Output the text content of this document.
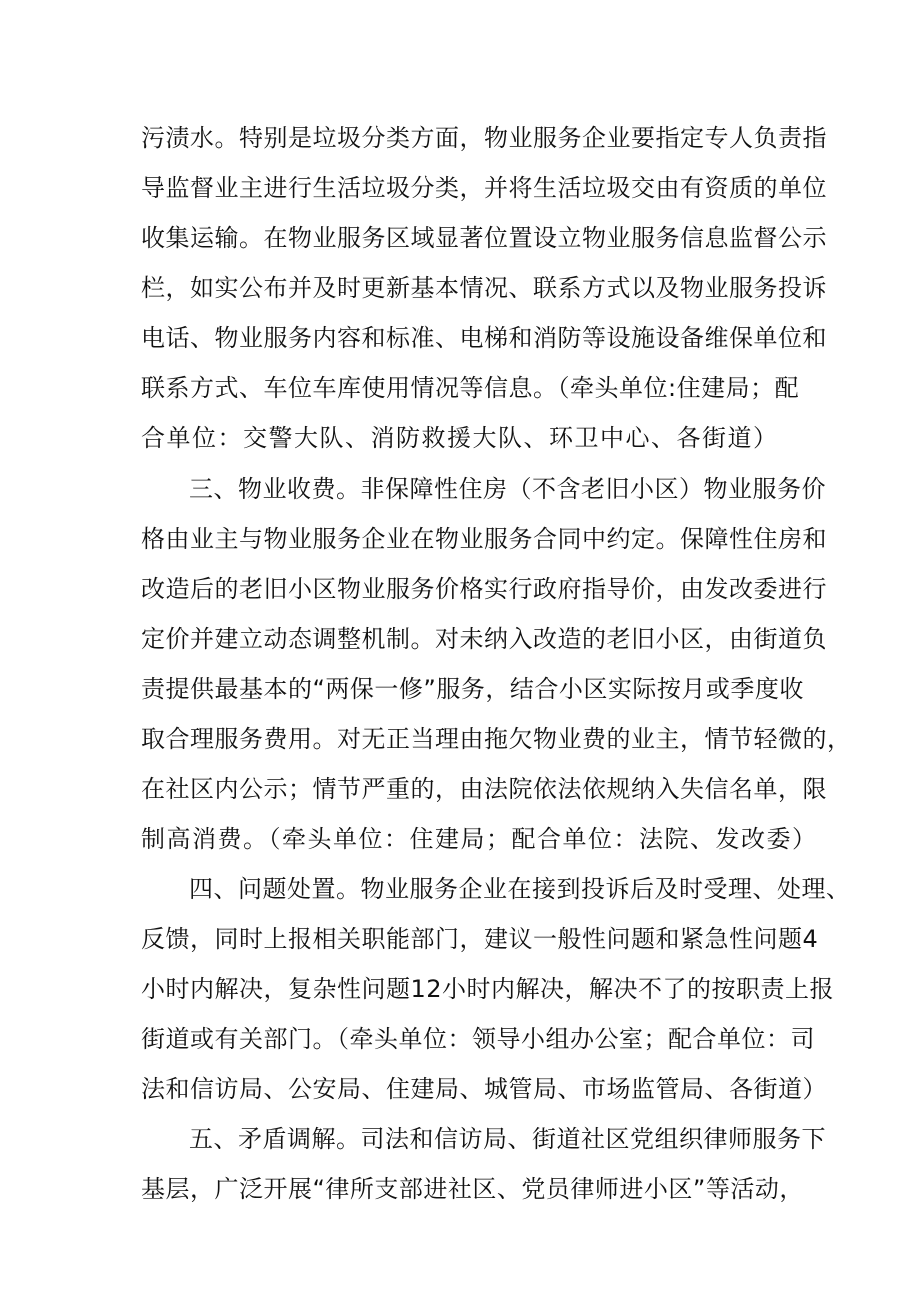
污渍水。特别是垃圾分类方面，物业服务企业要指定专人负责指
导监督业主进行生活垃圾分类，并将生活垃圾交由有资质的单位
收集运输。在物业服务区域显著位置设立物业服务信息监督公示
栏，如实公布并及时更新基本情况、联系方式以及物业服务投诉
电话、物业服务内容和标准、电梯和消防等设施设备维保单位和
联系方式、车位车库使用情况等信息。（牵头单位:住建局；配
合单位：交警大队、消防救援大队、环卫中心、各街道）
三、物业收费。非保障性住房（不含老旧小区）物业服务价
格由业主与物业服务企业在物业服务合同中约定。保障性住房和
改造后的老旧小区物业服务价格实行政府指导价，由发改委进行
定价并建立动态调整机制。对未纳入改造的老旧小区，由街道负
责提供最基本的“两保一修”服务，结合小区实际按月或季度收
取合理服务费用。对无正当理由拖欠物业费的业主，情节轻微的，
在社区内公示；情节严重的，由法院依法依规纳入失信名单，限
制高消费。（牵头单位：住建局；配合单位：法院、发改委）
四、问题处置。物业服务企业在接到投诉后及时受理、处理、
反馈，同时上报相关职能部门，建议一般性问题和紧急性问题4
小时内解决，复杂性问题12小时内解决，解决不了的按职责上报
街道或有关部门。（牵头单位：领导小组办公室；配合单位：司
法和信访局、公安局、住建局、城管局、市场监管局、各街道）
五、矛盾调解。司法和信访局、街道社区党组织律师服务下
基层，广泛开展“律所支部进社区、党员律师进小区”等活动，
